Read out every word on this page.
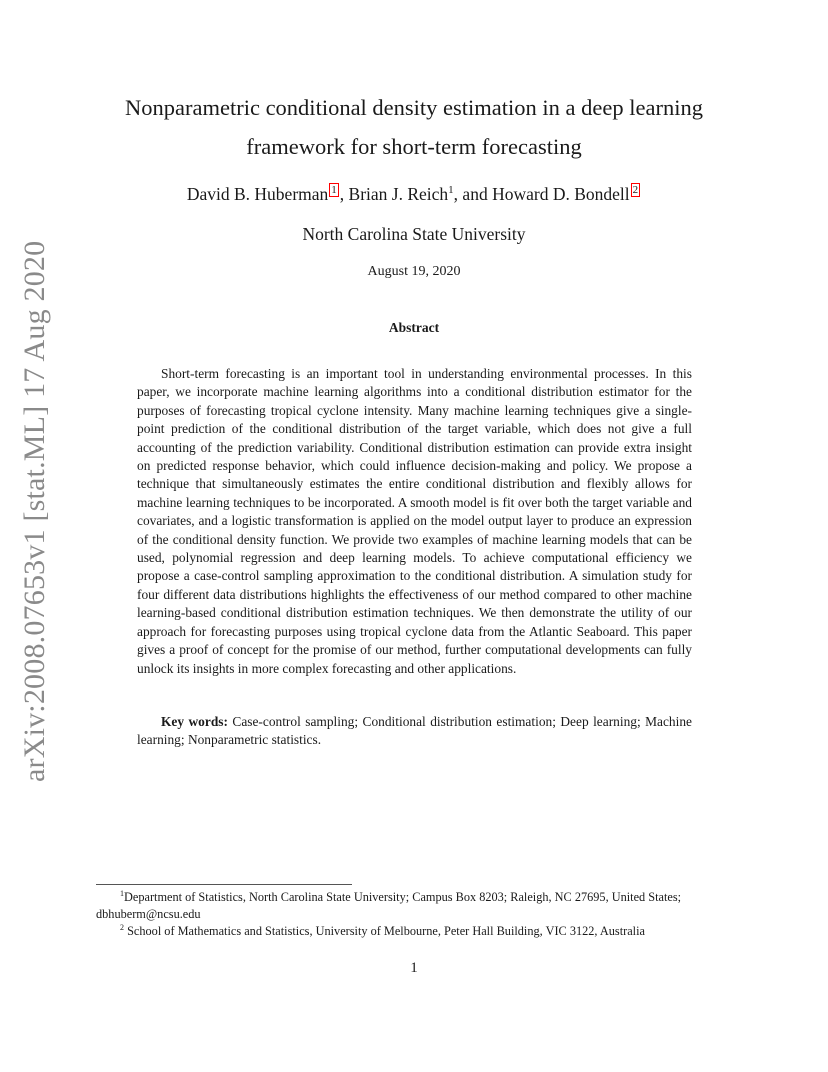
arXiv:2008.07653v1 [stat.ML] 17 Aug 2020
Nonparametric conditional density estimation in a deep learning framework for short-term forecasting
David B. Huberman $^1$ , Brian J. Reich$^1$, and Howard D. Bondell $^2$
North Carolina State University
August 19, 2020
Abstract
Short-term forecasting is an important tool in understanding environmental processes. In this paper, we incorporate machine learning algorithms into a conditional distribution estimator for the purposes of forecasting tropical cyclone intensity. Many machine learning techniques give a single-point prediction of the conditional distribution of the target variable, which does not give a full accounting of the prediction variability. Conditional distribution estimation can provide extra insight on predicted response behavior, which could influence decision-making and policy. We propose a technique that simultaneously estimates the entire conditional distribution and flexibly allows for machine learning techniques to be incorporated. A smooth model is fit over both the target variable and covariates, and a logistic transformation is applied on the model output layer to produce an expression of the conditional density function. We provide two examples of machine learning models that can be used, polynomial regression and deep learning models. To achieve computational efficiency we propose a case-control sampling approximation to the conditional distribution. A simulation study for four different data distributions highlights the effectiveness of our method compared to other machine learning-based conditional distribution estimation techniques. We then demonstrate the utility of our approach for forecasting purposes using tropical cyclone data from the Atlantic Seaboard. This paper gives a proof of concept for the promise of our method, further computational developments can fully unlock its insights in more complex forecasting and other applications.
Key words: Case-control sampling; Conditional distribution estimation; Deep learning; Machine learning; Nonparametric statistics.
$^1$Department of Statistics, North Carolina State University; Campus Box 8203; Raleigh, NC 27695, United States; dbhuberm@ncsu.edu
$^2$ School of Mathematics and Statistics, University of Melbourne, Peter Hall Building, VIC 3122, Australia
1
